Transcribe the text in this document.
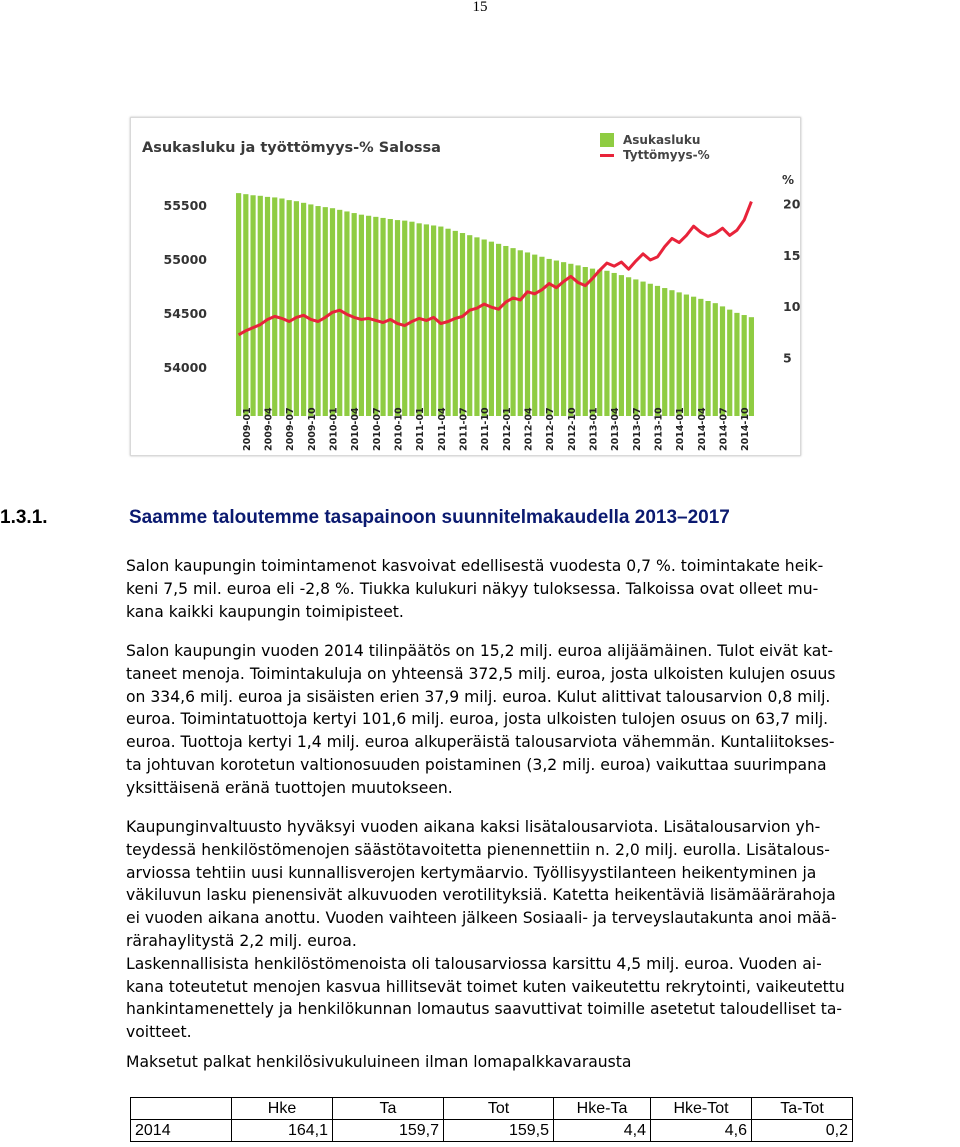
15
Asukasluku ja työttömyys-% Salossa	Asukasluku
Tyttömyys-%
%
55500
55000
54500
54000
20
15
10
5
2009-01 2009-04 2009-07 2009-10 2010-01 2010-04 2010-07 2010-10 2011-01 2011-04 2011-07 2011-10 2012-01 2012-04 2012-07 2012-10 2013-01 2013-04 2013-07 2013-10 2014-01 2014-04 2014-07 2014-10
1.3.1.	Saamme taloutemme tasapainoon suunnitelmakaudella 2013–2017
Salon kaupungin toimintamenot kasvoivat edellisestä vuodesta 0,7 %. toimintakate heik-
keni 7,5 mil. euroa eli -2,8 %. Tiukka kulukuri näkyy tuloksessa. Talkoissa ovat olleet mu-
kana kaikki kaupungin toimipisteet.
Salon kaupungin vuoden 2014 tilinpäätös on 15,2 milj. euroa alijäämäinen. Tulot eivät kat-
taneet menoja. Toimintakuluja on yhteensä 372,5 milj. euroa, josta ulkoisten kulujen osuus
on 334,6 milj. euroa ja sisäisten erien 37,9 milj. euroa. Kulut alittivat talousarvion 0,8 milj.
euroa. Toimintatuottoja kertyi 101,6 milj. euroa, josta ulkoisten tulojen osuus on 63,7 milj.
euroa. Tuottoja kertyi 1,4 milj. euroa alkuperäistä talousarviota vähemmän. Kuntaliitokses-
ta johtuvan korotetun valtionosuuden poistaminen (3,2 milj. euroa) vaikuttaa suurimpana
yksittäisenä eränä tuottojen muutokseen.
Kaupunginvaltuusto hyväksyi vuoden aikana kaksi lisätalousarviota. Lisätalousarvion yh-
teydessä henkilöstömenojen säästötavoitetta pienennettiin n. 2,0 milj. eurolla. Lisätalous-
arviossa tehtiin uusi kunnallisverojen kertymäarvio. Työllisyystilanteen heikentyminen ja
väkiluvun lasku pienensivät alkuvuoden verotilityksiä. Katetta heikentäviä lisämäärärahoja
ei vuoden aikana anottu. Vuoden vaihteen jälkeen Sosiaali- ja terveyslautakunta anoi mää-
rärahaylitystä 2,2 milj. euroa.
Laskennallisista henkilöstömenoista oli talousarviossa karsittu 4,5 milj. euroa. Vuoden ai-
kana toteutetut menojen kasvua hillitsevät toimet kuten vaikeutettu rekrytointi, vaikeutettu
hankintamenettely ja henkilökunnan lomautus saavuttivat toimille asetetut taloudelliset ta-
voitteet.
Maksetut palkat henkilösivukuluineen ilman lomapalkkavarausta
	Hke	Ta	Tot	Hke-Ta	Hke-Tot	Ta-Tot
2014	164,1	159,7	159,5	4,4	4,6	0,2
